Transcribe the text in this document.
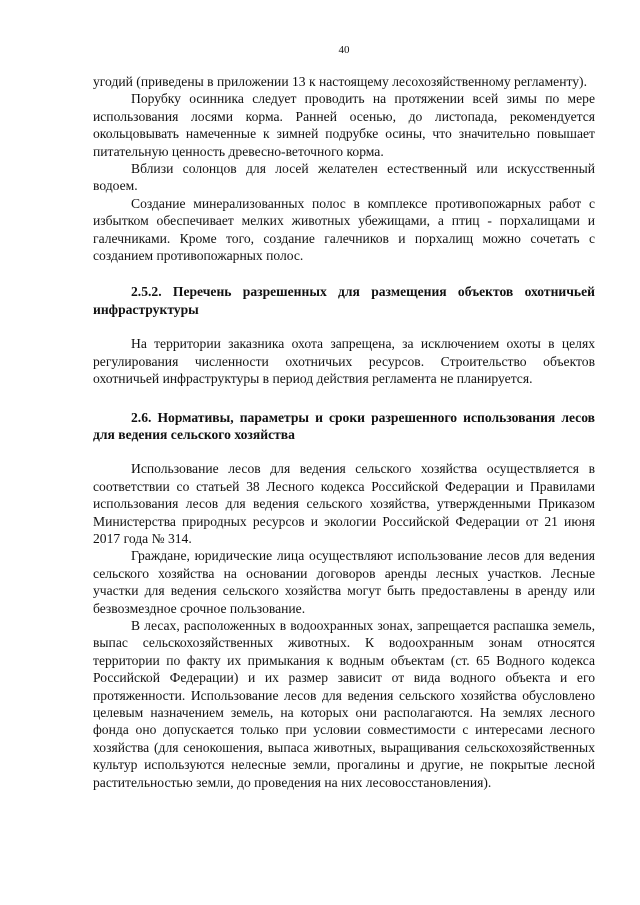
40

угодий (приведены в приложении 13 к настоящему лесохозяйственному регламенту).

Порубку осинника следует проводить на протяжении всей зимы по мере использования лосями корма. Ранней осенью, до листопада, рекомендуется окольцовывать намеченные к зимней подрубке осины, что значительно повышает питательную ценность древесно-веточного корма.

Вблизи солонцов для лосей желателен естественный или искусственный водоем.

Создание минерализованных полос в комплексе противопожарных работ с избытком обеспечивает мелких животных убежищами, а птиц - порхалищами и галечниками. Кроме того, создание галечников и порхалищ можно сочетать с созданием противопожарных полос.

2.5.2. Перечень разрешенных для размещения объектов охотничьей инфраструктуры

На территории заказника охота запрещена, за исключением охоты в целях регулирования численности охотничьих ресурсов. Строительство объектов охотничьей инфраструктуры в период действия регламента не планируется.

2.6. Нормативы, параметры и сроки разрешенного использования лесов для ведения сельского хозяйства

Использование лесов для ведения сельского хозяйства осуществляется в соответствии со статьей 38 Лесного кодекса Российской Федерации и Правилами использования лесов для ведения сельского хозяйства, утвержденными Приказом Министерства природных ресурсов и экологии Российской Федерации от 21 июня 2017 года № 314.

Граждане, юридические лица осуществляют использование лесов для ведения сельского хозяйства на основании договоров аренды лесных участков. Лесные участки для ведения сельского хозяйства могут быть предоставлены в аренду или безвозмездное срочное пользование.

В лесах, расположенных в водоохранных зонах, запрещается распашка земель, выпас сельскохозяйственных животных. К водоохранным зонам относятся территории по факту их примыкания к водным объектам (ст. 65 Водного кодекса Российской Федерации) и их размер зависит от вида водного объекта и его протяженности. Использование лесов для ведения сельского хозяйства обусловлено целевым назначением земель, на которых они располагаются. На землях лесного фонда оно допускается только при условии совместимости с интересами лесного хозяйства (для сенокошения, выпаса животных, выращивания сельскохозяйственных культур используются нелесные земли, прогалины и другие, не покрытые лесной растительностью земли, до проведения на них лесовосстановления).
